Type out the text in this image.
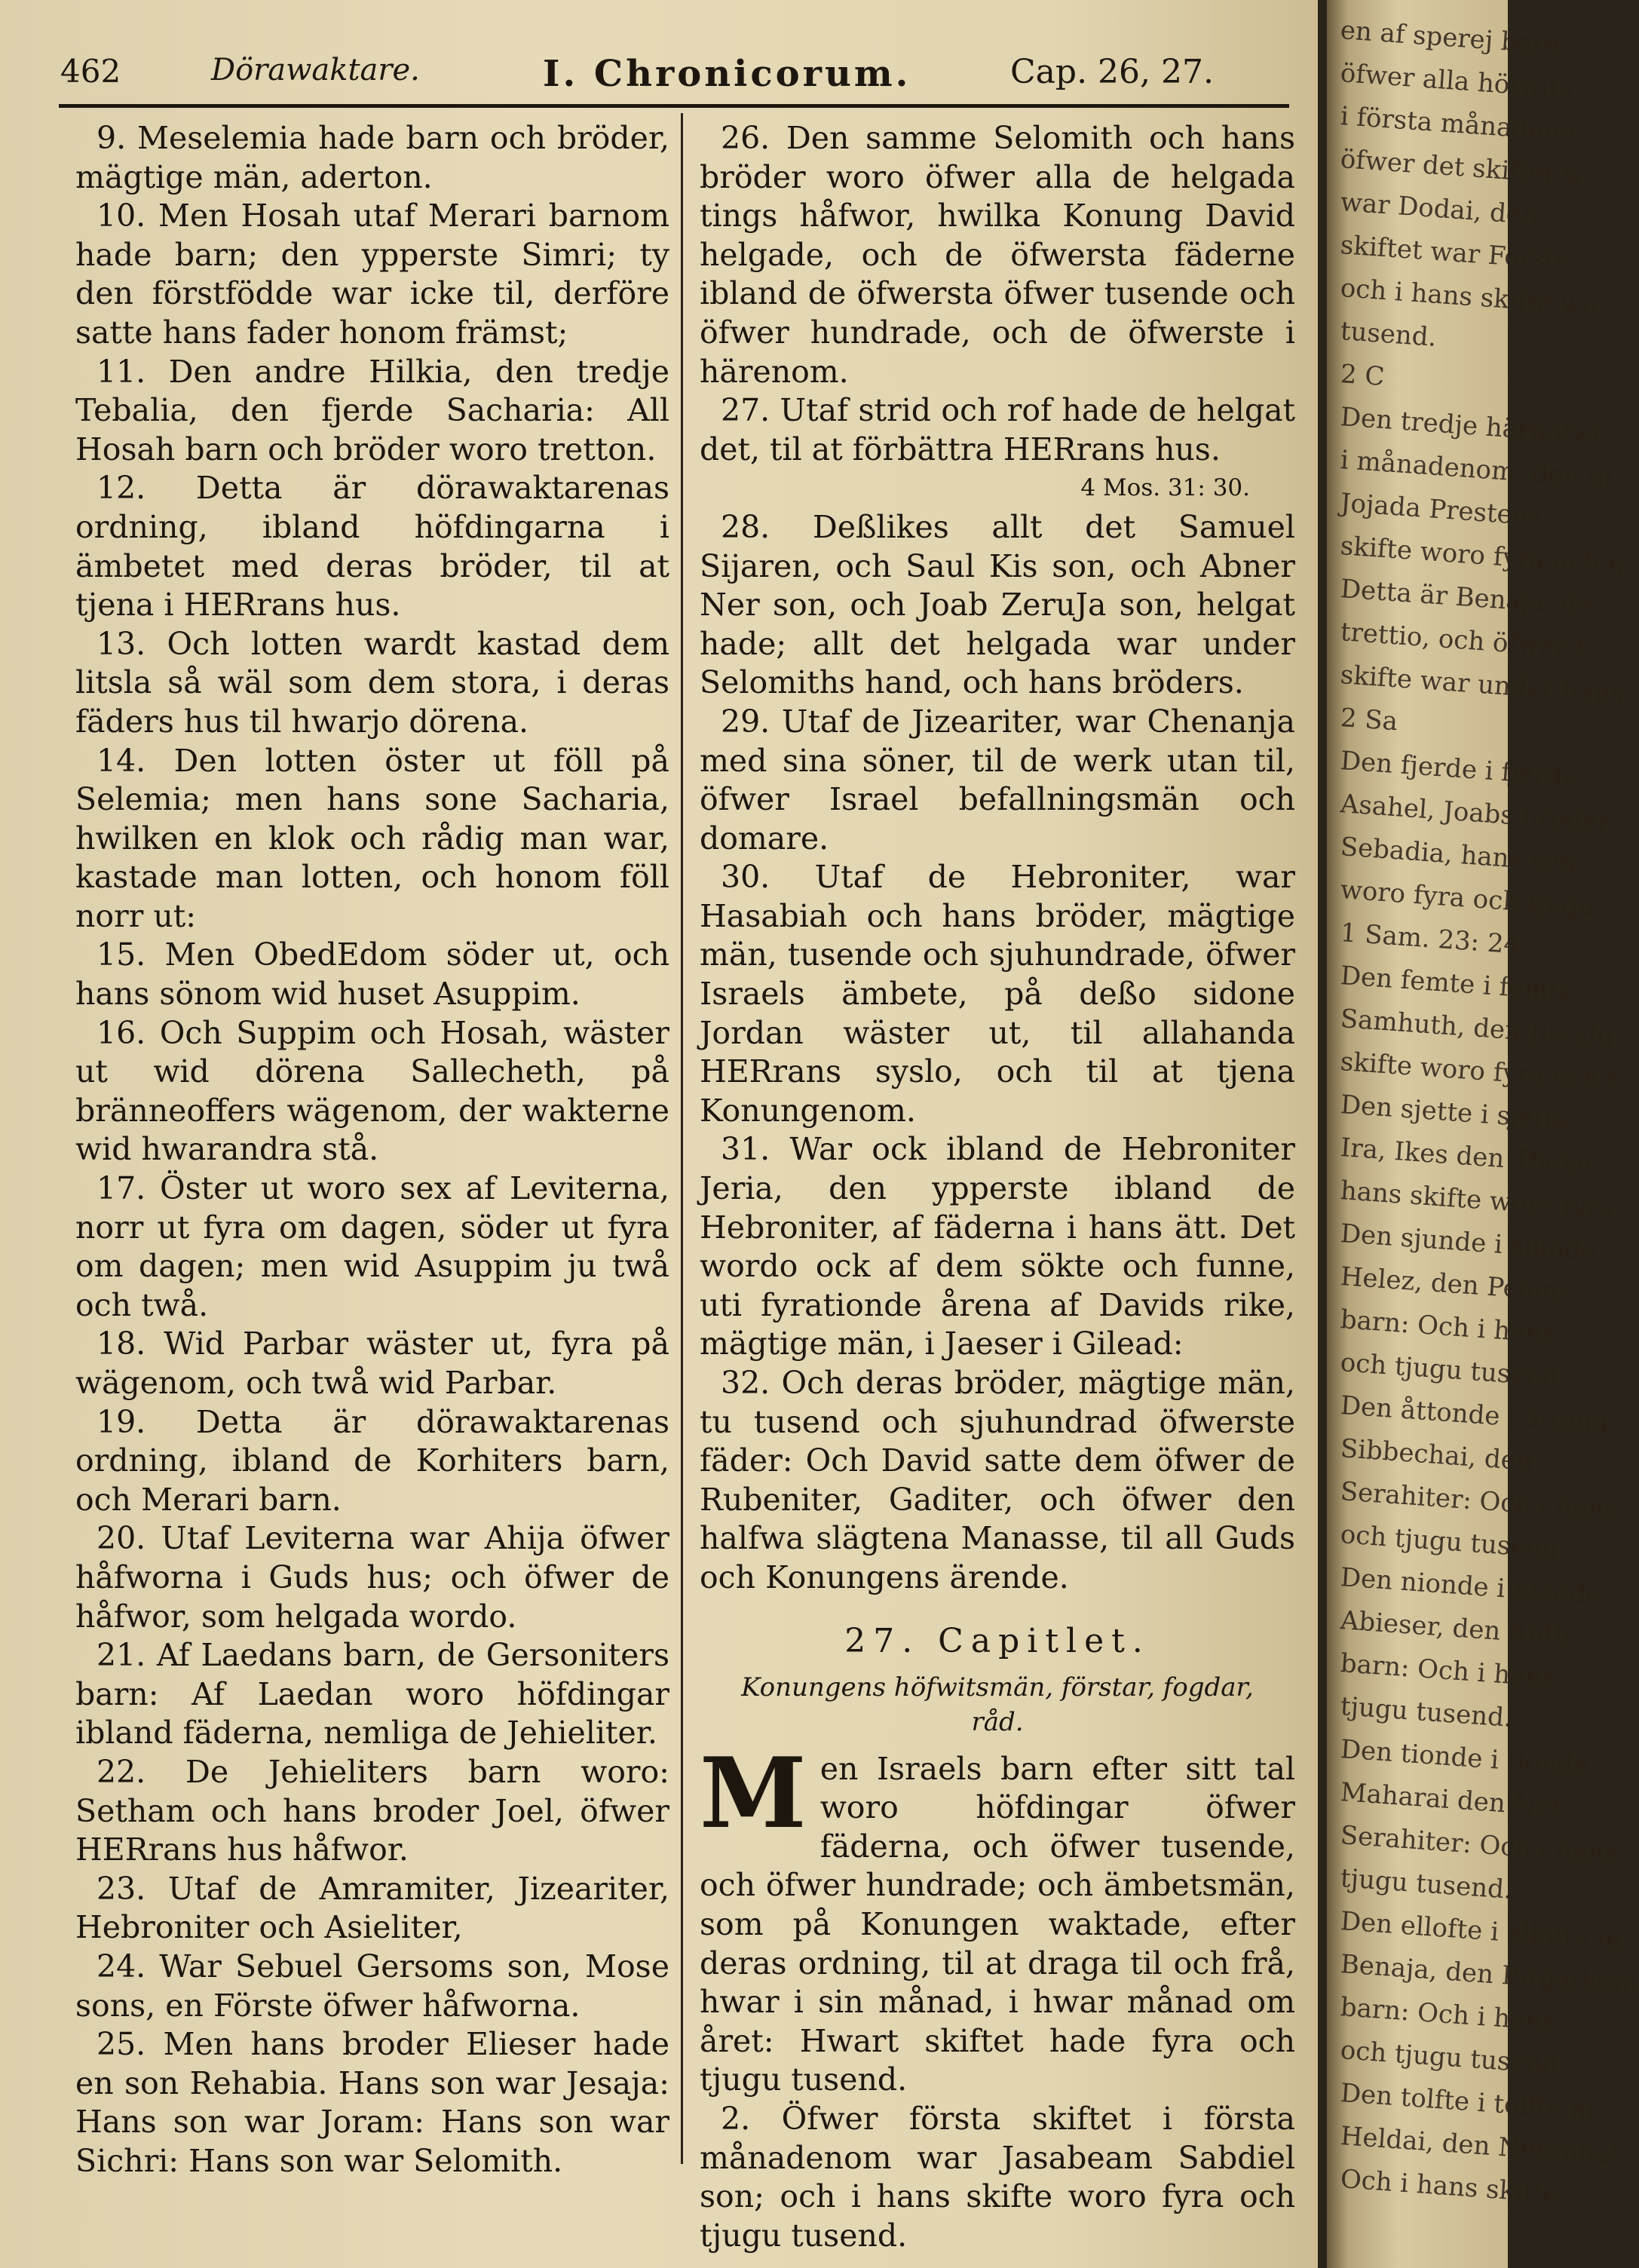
462	Dörawaktare.	I. Chronicorum.	Cap. 26, 27.

9. Meselemia hade barn och bröder, mägtige män, aderton.

10. Men Hosah utaf Merari barnom hade barn; den ypperste Simri; ty den förstfödde war icke til, derföre satte hans fader honom främst;

11. Den andre Hilkia, den tredje Tebalia, den fjerde Sacharia: All Hosah barn och bröder woro tretton.

12. Detta är dörawaktarenas ordning, ibland höfdingarna i ämbetet med deras bröder, til at tjena i HERrans hus.

13. Och lotten wardt kastad dem litsla så wäl som dem stora, i deras fäders hus til hwarjo dörena.

14. Den lotten öster ut föll på Selemia; men hans sone Sacharia, hwilken en klok och rådig man war, kastade man lotten, och honom föll norr ut:

15. Men ObedEdom söder ut, och hans sönom wid huset Asuppim.

16. Och Suppim och Hosah, wäster ut wid dörena Sallecheth, på bränneoffers wägenom, der wakterne wid hwarandra stå.

17. Öster ut woro sex af Leviterna, norr ut fyra om dagen, söder ut fyra om dagen; men wid Asuppim ju twå och twå.

18. Wid Parbar wäster ut, fyra på wägenom, och twå wid Parbar.

19. Detta är dörawaktarenas ordning, ibland de Korhiters barn, och Merari barn.

20. Utaf Leviterna war Ahija öfwer håfworna i Guds hus; och öfwer de håfwor, som helgada wordo.

21. Af Laedans barn, de Gersoniters barn: Af Laedan woro höfdingar ibland fäderna, nemliga de Jehieliter.

22. De Jehieliters barn woro: Setham och hans broder Joel, öfwer HERrans hus håfwor.

23. Utaf de Amramiter, Jizeariter, Hebroniter och Asieliter,

24. War Sebuel Gersoms son, Mose sons, en Förste öfwer håfworna.

25. Men hans broder Elieser hade en son Rehabia. Hans son war Jesaja: Hans son war Joram: Hans son war Sichri: Hans son war Selomith.

26. Den samme Selomith och hans bröder woro öfwer alla de helgada tings håfwor, hwilka Konung David helgade, och de öfwersta fäderne ibland de öfwersta öfwer tusende och öfwer hundrade, och de öfwerste i härenom.

27. Utaf strid och rof hade de helgat det, til at förbättra HERrans hus.

4 Mos. 31: 30.

28. Deßlikes allt det Samuel Sijaren, och Saul Kis son, och Abner Ner son, och Joab ZeruJa son, helgat hade; allt det helgada war under Selomiths hand, och hans bröders.

29. Utaf de Jizeariter, war Chenanja med sina söner, til de werk utan til, öfwer Israel befallningsmän och domare.

30. Utaf de Hebroniter, war Hasabiah och hans bröder, mägtige män, tusende och sjuhundrade, öfwer Israels ämbete, på deßo sidone Jordan wäster ut, til allahanda HERrans syslo, och til at tjena Konungenom.

31. War ock ibland de Hebroniter Jeria, den ypperste ibland de Hebroniter, af fäderna i hans ätt. Det wordo ock af dem sökte och funne, uti fyrationde årena af Davids rike, mägtige män, i Jaeser i Gilead:

32. Och deras bröder, mägtige män, tu tusend och sjuhundrad öfwerste fäder: Och David satte dem öfwer de Rubeniter, Gaditer, och öfwer den halfwa slägtena Manasse, til all Guds och Konungens ärende.

27. Capitlet.

Konungens höfwitsmän, förstar, fogdar, råd.

Men Israels barn efter sitt tal woro höfdingar öfwer fäderna, och öfwer tusende, och öfwer hundrade; och ämbetsmän, som på Konungen waktade, efter deras ordning, til at draga til och frå, hwar i sin månad, i hwar månad om året: Hwart skiftet hade fyra och tjugu tusend.

2. Öfwer första skiftet i första månadenom war Jasabeam Sabdiel son; och i hans skifte woro fyra och tjugu tusend.

en af sperej barn
öfwer alla höfwits
i första månadeno
öfwer det skiftet w
war Dodai, den
skiftet war Förste
och i hans skifte wo
tusend.
2 C
Den tredje härhöfwi
i månadenom, den öf
Jojada Prestens
skifte woro fyra och tj
Detta är Benaja, de
trettio, och öfwer t
skifte war under hans
2 Sa
Den fjerde i fjerde
Asahel, Joabs broder
Sebadia, hans son:
woro fyra och tjugu
1 Sam. 23: 24.
Den femte i femte
Samhuth, den Jisrahi
skifte woro fyra och t
Den sjette i sjette
Ira, Ikes den Theko
hans skifte woro fyra
Den sjunde i sjunde
Helez, den Peloni
barn: Och i hans
och tjugu tusend.
Den åttonde i åttond
Sibbechai, den
Serahiter: Och i hans
och tjugu tusend.
Den nionde i nionde
Abieser, den Anth
barn: Och i hans
tjugu tusend.
Den tionde i tionde
Maharai den Net
Serahiter: Och i hans
tjugu tusend.
Den ellofte i ellofte m
Benaja, den Pirgathoni
barn: Och i hans
och tjugu tusend.
Den tolfte i tolfte m
Heldai, den Netophat
Och i hans skifte
